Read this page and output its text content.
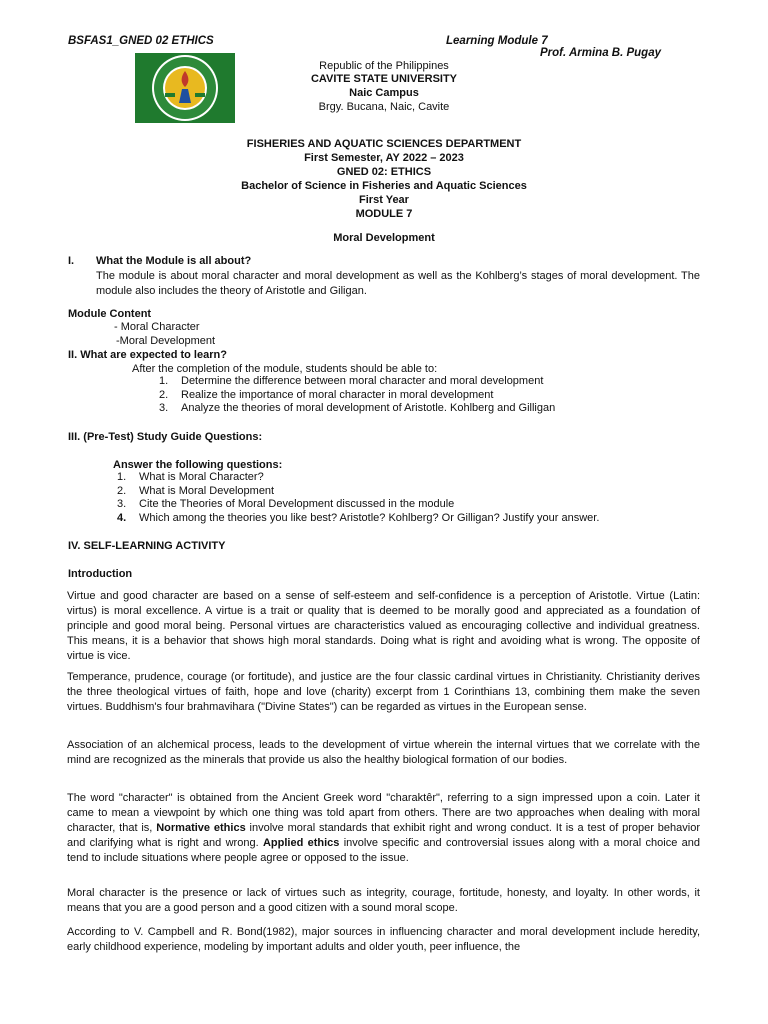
BSFAS1_GNED 02 ETHICS	Learning Module 7
Prof. Armina B. Pugay
Republic of the Philippines
CAVITE STATE UNIVERSITY
Naic Campus
Brgy. Bucana, Naic, Cavite
FISHERIES AND AQUATIC SCIENCES DEPARTMENT
First Semester, AY 2022 – 2023
GNED 02: ETHICS
Bachelor of Science in Fisheries and Aquatic Sciences
First Year
MODULE 7
Moral Development
I. What the Module is all about?
The module is about moral character and moral development as well as the Kohlberg’s stages of moral development. The module also includes the theory of Aristotle and Giligan.
Module Content
- Moral Character
-Moral Development
II. What are expected to learn?
After the completion of the module, students should be able to:
1. Determine the difference between moral character and moral development
2. Realize the importance of moral character in moral development
3. Analyze the theories of moral development of Aristotle. Kohlberg and Gilligan
III. (Pre-Test) Study Guide Questions:
Answer the following questions:
1. What is Moral Character?
2. What is Moral Development
3. Cite the Theories of Moral Development discussed in the module
4. Which among the theories you like best? Aristotle? Kohlberg? Or Gilligan? Justify your answer.
IV. SELF-LEARNING ACTIVITY
Introduction
Virtue and good character are based on a sense of self-esteem and self-confidence is a perception of Aristotle. Virtue (Latin: virtus) is moral excellence. A virtue is a trait or quality that is deemed to be morally good and appreciated as a foundation of principle and good moral being. Personal virtues are characteristics valued as encouraging collective and individual greatness. This means, it is a behavior that shows high moral standards. Doing what is right and avoiding what is wrong. The opposite of virtue is vice.
Temperance, prudence, courage (or fortitude), and justice are the four classic cardinal virtues in Christianity. Christianity derives the three theological virtues of faith, hope and love (charity) excerpt from 1 Corinthians 13, combining them make the seven virtues. Buddhism's four brahmavihara ("Divine States") can be regarded as virtues in the European sense.
Association of an alchemical process, leads to the development of virtue wherein the internal virtues that we correlate with the mind are recognized as the minerals that provide us also the healthy biological formation of our bodies.
The word "character" is obtained from the Ancient Greek word "charaktêr", referring to a sign impressed upon a coin. Later it came to mean a viewpoint by which one thing was told apart from others. There are two approaches when dealing with moral character, that is, Normative ethics involve moral standards that exhibit right and wrong conduct. It is a test of proper behavior and clarifying what is right and wrong. Applied ethics involve specific and controversial issues along with a moral choice and tend to include situations where people agree or opposed to the issue.
Moral character is the presence or lack of virtues such as integrity, courage, fortitude, honesty, and loyalty. In other words, it means that you are a good person and a good citizen with a sound moral scope.
According to V. Campbell and R. Bond(1982), major sources in influencing character and moral development include heredity, early childhood experience, modeling by important adults and older youth, peer influence, the
